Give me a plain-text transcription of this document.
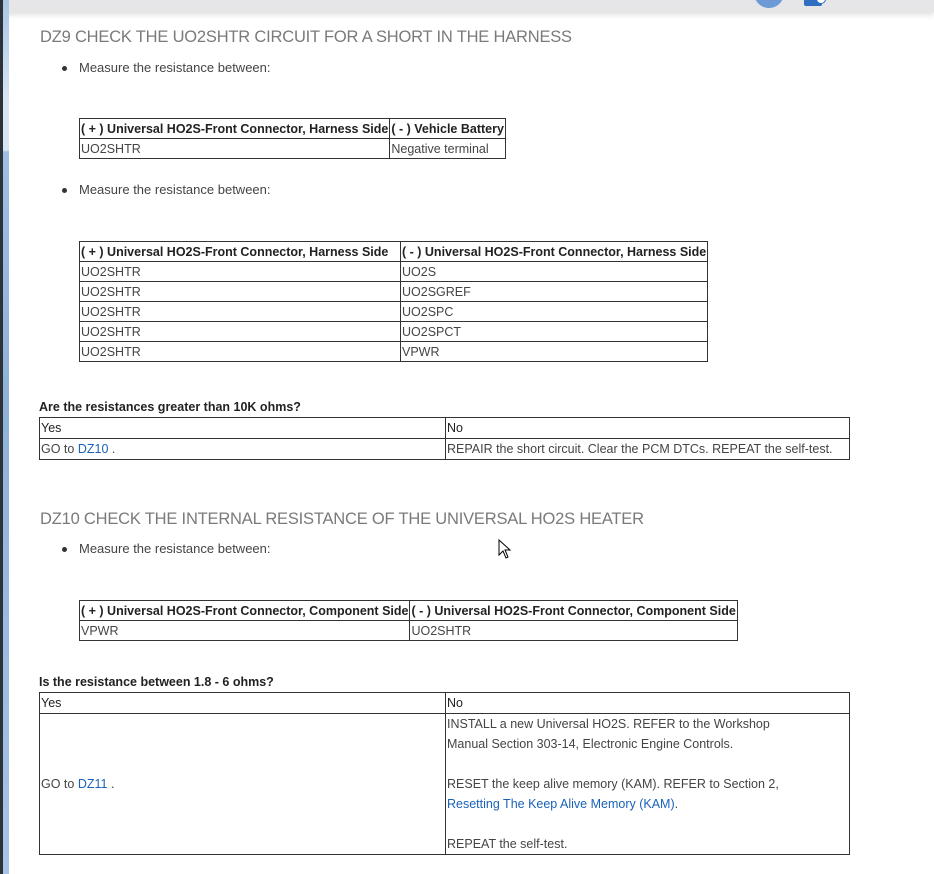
DZ9 CHECK THE UO2SHTR CIRCUIT FOR A SHORT IN THE HARNESS
Measure the resistance between:
( + ) Universal HO2S-Front Connector, Harness Side	( - ) Vehicle Battery
UO2SHTR	Negative terminal
Measure the resistance between:
( + ) Universal HO2S-Front Connector, Harness Side	( - ) Universal HO2S-Front Connector, Harness Side
UO2SHTR	UO2S
UO2SHTR	UO2SGREF
UO2SHTR	UO2SPC
UO2SHTR	UO2SPCT
UO2SHTR	VPWR
Are the resistances greater than 10K ohms?
Yes	No
GO to DZ10 .	REPAIR the short circuit. Clear the PCM DTCs. REPEAT the self-test.
DZ10 CHECK THE INTERNAL RESISTANCE OF THE UNIVERSAL HO2S HEATER
Measure the resistance between:
( + ) Universal HO2S-Front Connector, Component Side	( - ) Universal HO2S-Front Connector, Component Side
VPWR	UO2SHTR
Is the resistance between 1.8 - 6 ohms?
Yes	No
GO to DZ11 .	INSTALL a new Universal HO2S. REFER to the Workshop Manual Section 303-14, Electronic Engine Controls.
RESET the keep alive memory (KAM). REFER to Section 2,
Resetting The Keep Alive Memory (KAM).
REPEAT the self-test.
